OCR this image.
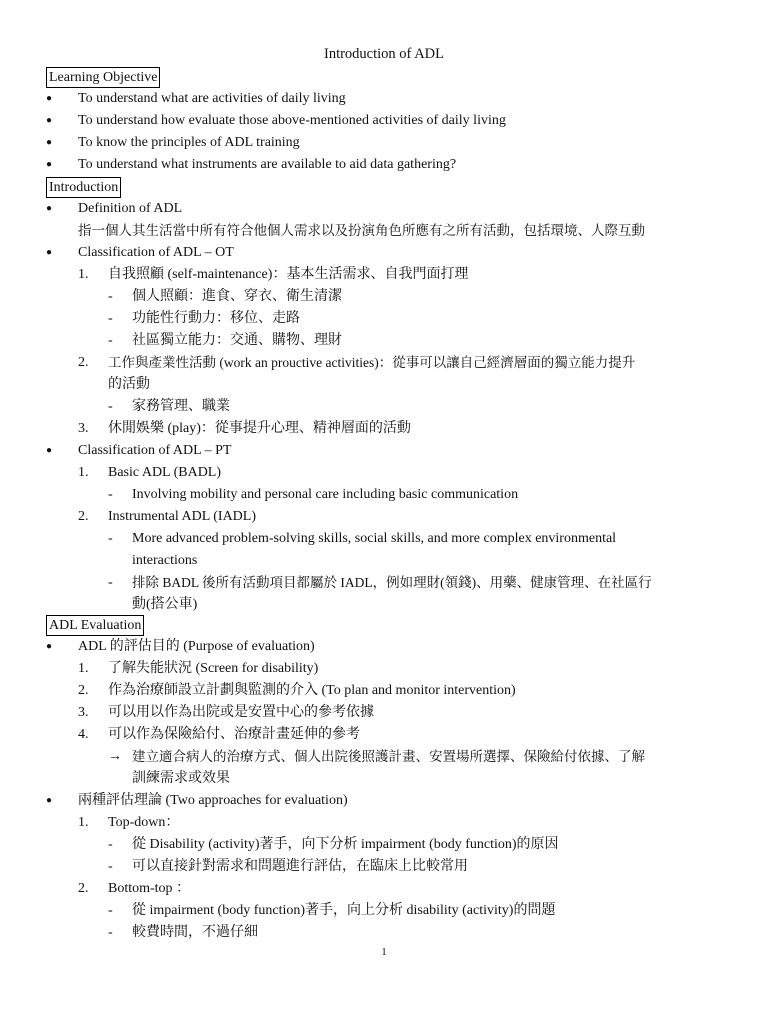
Introduction of ADL
Learning Objective
● To understand what are activities of daily living
● To understand how evaluate those above-mentioned activities of daily living
● To know the principles of ADL training
● To understand what instruments are available to aid data gathering?
Introduction
● Definition of ADL
指一個人其生活當中所有符合他個人需求以及扮演角色所應有之所有活動，包括環境、人際互動
● Classification of ADL – OT
1. 自我照顧 (self-maintenance)：基本生活需求、自我門面打理
- 個人照顧：進食、穿衣、衛生清潔
- 功能性行動力：移位、走路
- 社區獨立能力：交通、購物、理財
2. 工作與產業性活動 (work an prouctive activities)：從事可以讓自己經濟層面的獨立能力提升
的活動
- 家務管理、職業
3. 休閒娛樂 (play)：從事提升心理、精神層面的活動
● Classification of ADL – PT
1. Basic ADL (BADL)
- Involving mobility and personal care including basic communication
2. Instrumental ADL (IADL)
- More advanced problem-solving skills, social skills, and more complex environmental
interactions
- 排除 BADL 後所有活動項目都屬於 IADL，例如理財(領錢)、用藥、健康管理、在社區行
動(搭公車)
ADL Evaluation
● ADL 的評估目的 (Purpose of evaluation)
1. 了解失能狀況 (Screen for disability)
2. 作為治療師設立計劃與監測的介入 (To plan and monitor intervention)
3. 可以用以作為出院或是安置中心的參考依據
4. 可以作為保險給付、治療計畫延伸的參考
→ 建立適合病人的治療方式、個人出院後照護計畫、安置場所選擇、保險給付依據、了解
訓練需求或效果
● 兩種評估理論 (Two approaches for evaluation)
1. Top-down：
- 從 Disability (activity)著手，向下分析 impairment (body function)的原因
- 可以直接針對需求和問題進行評估，在臨床上比較常用
2. Bottom-top ：
- 從 impairment (body function)著手，向上分析 disability (activity)的問題
- 較費時間，不過仔細
1
